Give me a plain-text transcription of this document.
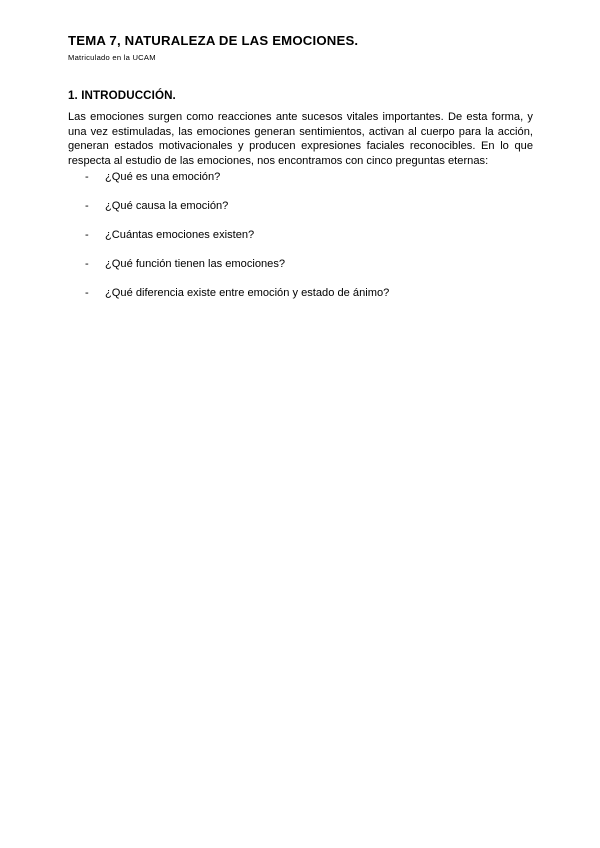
TEMA 7, NATURALEZA DE LAS EMOCIONES.
Matriculado en la UCAM
1. INTRODUCCIÓN.

Las emociones surgen como reacciones ante sucesos vitales importantes. De esta forma, y una vez estimuladas, las emociones generan sentimientos, activan al cuerpo para la acción, generan estados motivacionales y producen expresiones faciales reconocibles. En lo que respecta al estudio de las emociones, nos encontramos con cinco preguntas eternas:

-	¿Qué es una emoción?
-	¿Qué causa la emoción?
-	¿Cuántas emociones existen?
-	¿Qué función tienen las emociones?
-	¿Qué diferencia existe entre emoción y estado de ánimo?
